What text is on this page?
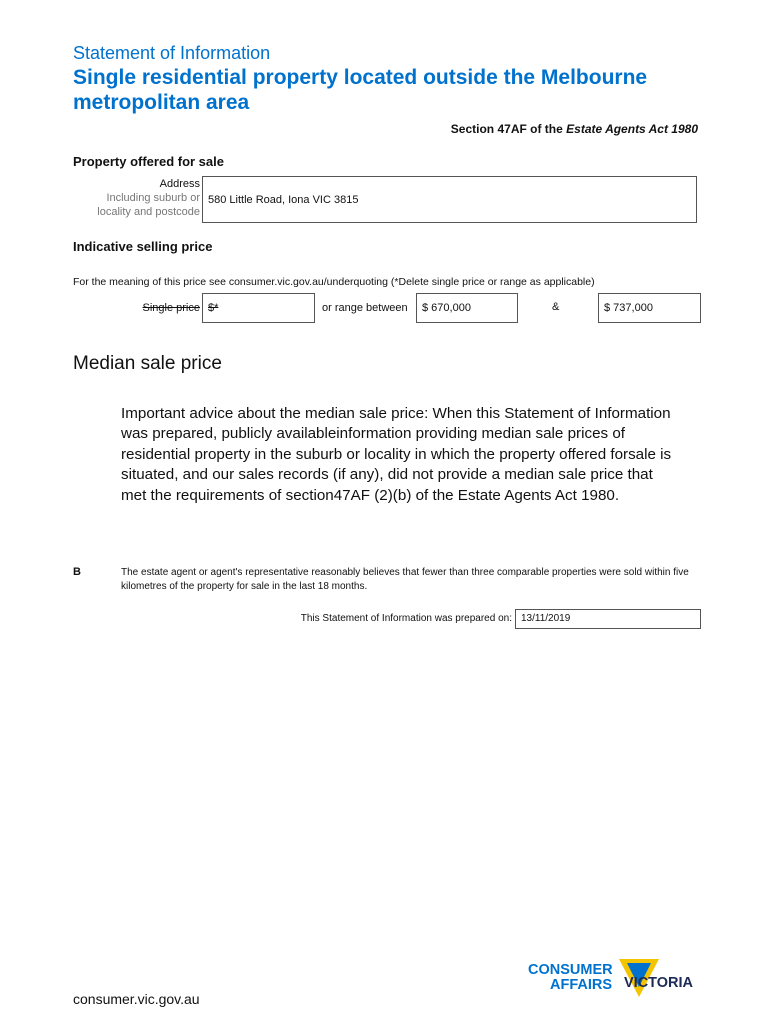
Statement of Information
Single residential property located outside the Melbourne metropolitan area
Section 47AF of the Estate Agents Act 1980
Property offered for sale
Address
Including suburb or
locality and postcode
580 Little Road, Iona VIC 3815
Indicative selling price
For the meaning of this price see consumer.vic.gov.au/underquoting (*Delete single price or range as applicable)
Single price $*	or range between	$ 670,000	&	$ 737,000
Median sale price
Important advice about the median sale price: When this Statement of Information was prepared, publicly availableinformation providing median sale prices of residential property in the suburb or locality in which the property offered forsale is situated, and our sales records (if any), did not provide a median sale price that met the requirements of section47AF (2)(b) of the Estate Agents Act 1980.
B	The estate agent or agent's representative reasonably believes that fewer than three comparable properties were sold within five kilometres of the property for sale in the last 18 months.
This Statement of Information was prepared on: 13/11/2019
consumer.vic.gov.au
CONSUMER
AFFAIRS VICTORIA
